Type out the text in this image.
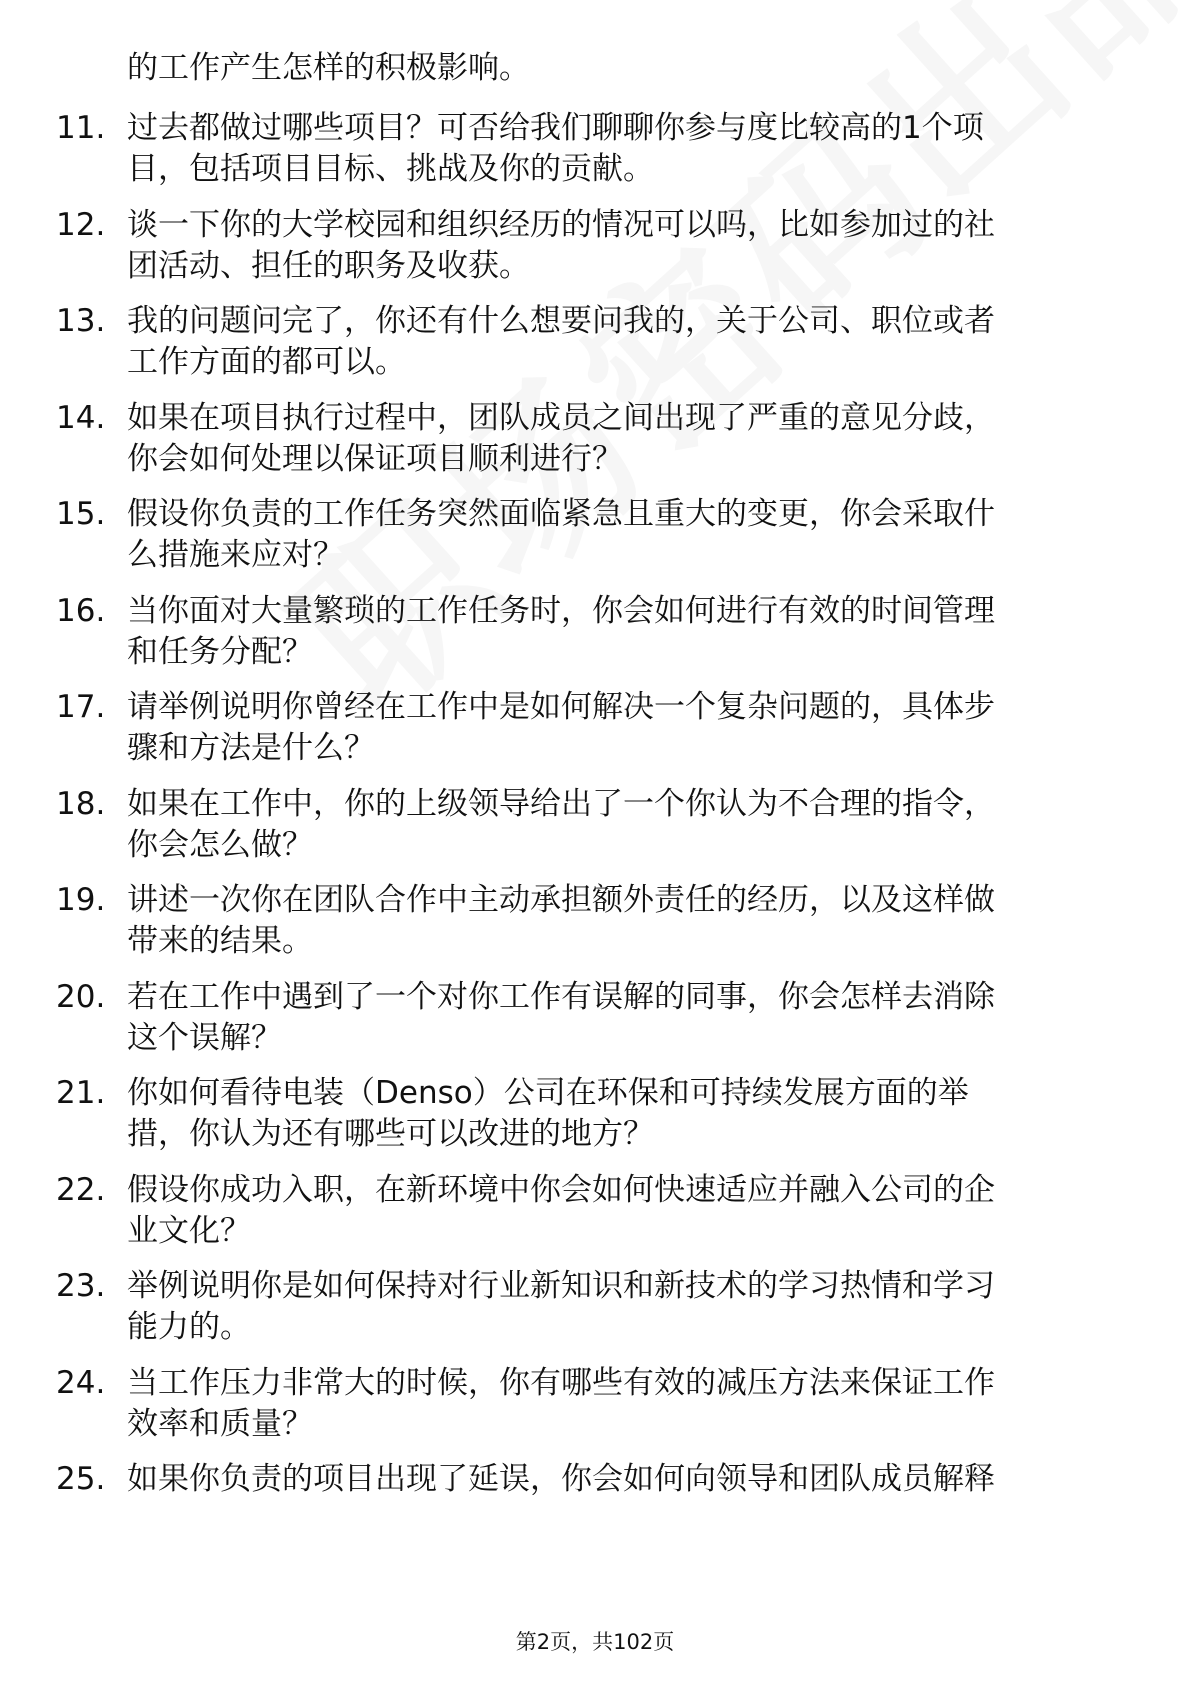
的工作产生怎样的积极影响。
11. 过去都做过哪些项目？可否给我们聊聊你参与度比较高的1个项
目，包括项目目标、挑战及你的贡献。
12. 谈一下你的大学校园和组织经历的情况可以吗，比如参加过的社
团活动、担任的职务及收获。
13. 我的问题问完了，你还有什么想要问我的，关于公司、职位或者
工作方面的都可以。
14. 如果在项目执行过程中，团队成员之间出现了严重的意见分歧，
你会如何处理以保证项目顺利进行？
15. 假设你负责的工作任务突然面临紧急且重大的变更，你会采取什
么措施来应对？
16. 当你面对大量繁琐的工作任务时，你会如何进行有效的时间管理
和任务分配？
17. 请举例说明你曾经在工作中是如何解决一个复杂问题的，具体步
骤和方法是什么？
18. 如果在工作中，你的上级领导给出了一个你认为不合理的指令，
你会怎么做？
19. 讲述一次你在团队合作中主动承担额外责任的经历，以及这样做
带来的结果。
20. 若在工作中遇到了一个对你工作有误解的同事，你会怎样去消除
这个误解？
21. 你如何看待电装（Denso）公司在环保和可持续发展方面的举
措，你认为还有哪些可以改进的地方？
22. 假设你成功入职，在新环境中你会如何快速适应并融入公司的企
业文化？
23. 举例说明你是如何保持对行业新知识和新技术的学习热情和学习
能力的。
24. 当工作压力非常大的时候，你有哪些有效的减压方法来保证工作
效率和质量？
25. 如果你负责的项目出现了延误，你会如何向领导和团队成员解释
第2页，共102页
